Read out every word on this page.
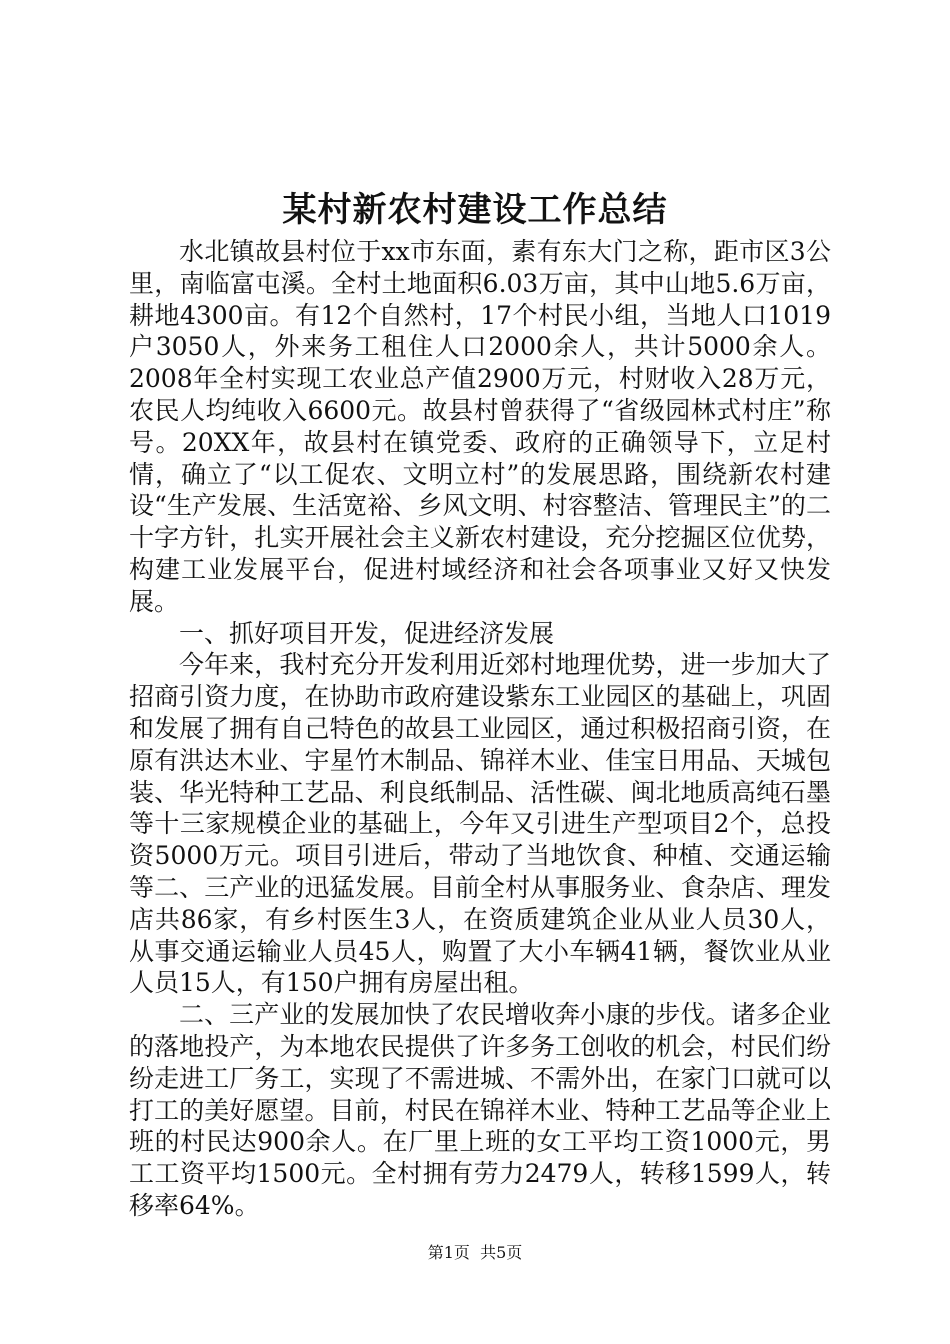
某村新农村建设工作总结

水北镇故县村位于xx市东面，素有东大门之称，距市区3公里，南临富屯溪。全村土地面积6.03万亩，其中山地5.6万亩，耕地4300亩。有12个自然村，17个村民小组，当地人口1019户3050人，外来务工租住人口2000余人，共计5000余人。2008年全村实现工农业总产值2900万元，村财收入28万元，农民人均纯收入6600元。故县村曾获得了“省级园林式村庄”称号。20XX年，故县村在镇党委、政府的正确领导下，立足村情，确立了“以工促农、文明立村”的发展思路，围绕新农村建设“生产发展、生活宽裕、乡风文明、村容整洁、管理民主”的二十字方针，扎实开展社会主义新农村建设，充分挖掘区位优势，构建工业发展平台，促进村域经济和社会各项事业又好又快发展。

一、抓好项目开发，促进经济发展

今年来，我村充分开发利用近郊村地理优势，进一步加大了招商引资力度，在协助市政府建设紫东工业园区的基础上，巩固和发展了拥有自己特色的故县工业园区，通过积极招商引资，在原有洪达木业、宇星竹木制品、锦祥木业、佳宝日用品、天城包装、华光特种工艺品、利良纸制品、活性碳、闽北地质高纯石墨等十三家规模企业的基础上，今年又引进生产型项目2个，总投资5000万元。项目引进后，带动了当地饮食、种植、交通运输等二、三产业的迅猛发展。目前全村从事服务业、食杂店、理发店共86家，有乡村医生3人，在资质建筑企业从业人员30人，从事交通运输业人员45人，购置了大小车辆41辆，餐饮业从业人员15人，有150户拥有房屋出租。

二、三产业的发展加快了农民增收奔小康的步伐。诸多企业的落地投产，为本地农民提供了许多务工创收的机会，村民们纷纷走进工厂务工，实现了不需进城、不需外出，在家门口就可以打工的美好愿望。目前，村民在锦祥木业、特种工艺品等企业上班的村民达900余人。在厂里上班的女工平均工资1000元，男工工资平均1500元。全村拥有劳力2479人，转移1599人，转移率64%。

第1页 共5页
